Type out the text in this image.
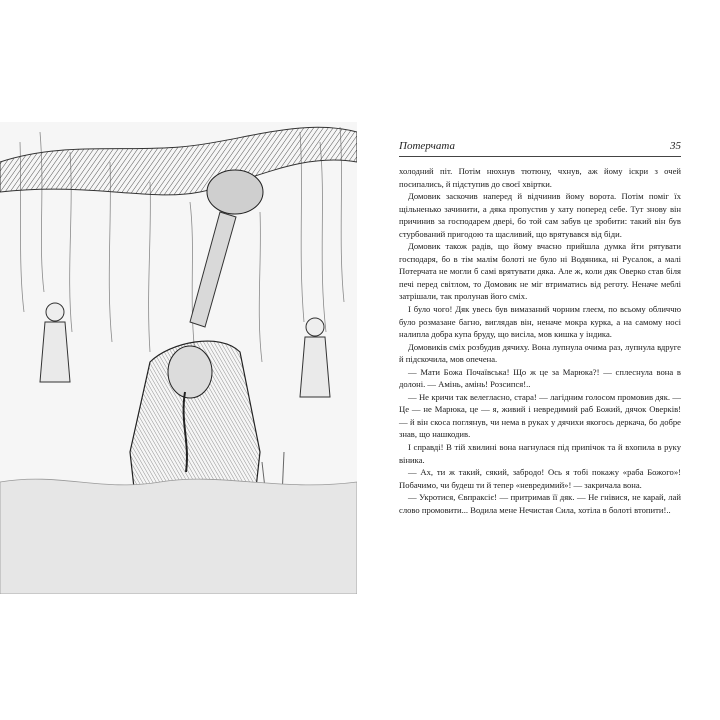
Потерчата	35

холодний піт. Потім нюхнув тютюну, чхнув, аж йому іскри з очей посипались, й підступив до своєї хвіртки.

Домовик заскочив наперед й відчинив йому ворота. Потім поміг їх щільненько зачинити, а дяка пропустив у хату поперед себе. Тут знову він причинив за господарем двері, бо той сам забув це зробити: такий він був стурбований пригодою та щасливий, що врятувався від біди.

Домовик також радів, що йому вчасно прийшла думка йти рятувати господаря, бо в тім малім болоті не було ні Водяника, ні Русалок, а малі Потерчата не могли б самі врятувати дяка. Але ж, коли дяк Оверко став біля печі перед світлом, то Домовик не міг втриматись від реготу. Неначе меблі затрішали, так пролунав його сміх.

І було чого! Дяк увесь був вимазаний чорним глеєм, по всьому обличчю було розмазане багно, виглядав він, неначе мокра курка, а на самому носі налипла добра купа бруду, що висіла, мов кишка у індика.

Домовиків сміх розбудив дячиху. Вона лупнула очима раз, лупнула вдруге й підскочила, мов опечена.

— Мати Божа Почаївська! Що ж це за Марюка?! — сплеснула вона в долоні. — Амінь, амінь! Розсипся!..

— Не кричи так велегласно, стара! — лагідним голосом промовив дяк. — Це — не Марюка, це — я, живий і невредимий раб Божий, дячок Оверків! — й він скоса поглянув, чи нема в руках у дячихи якогось деркача, бо добре знав, що нашкодив.

І справді! В тій хвилині вона нагнулася під припічок та й вхопила в руку віника.

— Ах, ти ж такий, сякий, забродо! Ось я тобі покажу «раба Божого»! Побачимо, чи будеш ти й тепер «невредимий»! — закричала вона.

— Укротися, Євпраксіє! — притримав її дяк. — Не гнівися, не карай, лай слово промовити... Водила мене Нечистая Сила, хотіла в болоті втопити!..
